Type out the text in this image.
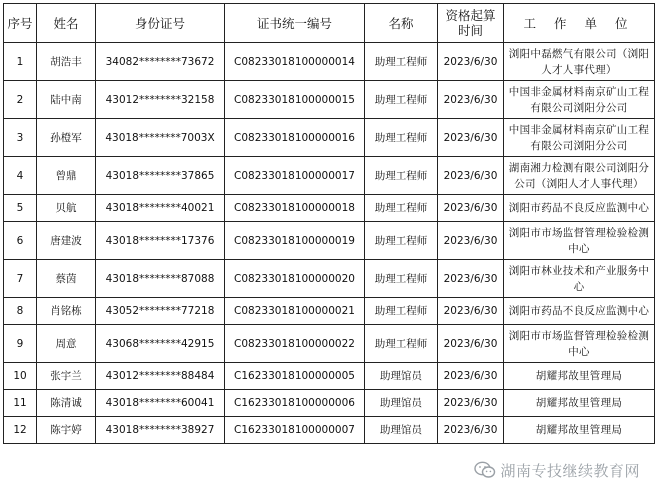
序号	姓名	身份证号	证书统一编号	名称	资格起算时间	工 作 单 位
1	胡浩丰	34082********73672	C08233018100000014	助理工程师	2023/6/30	浏阳中磊燃气有限公司（浏阳人才人事代理）
2	陆中南	43012********32158	C08233018100000015	助理工程师	2023/6/30	中国非金属材料南京矿山工程有限公司浏阳分公司
3	孙橙军	43018********7003X	C08233018100000016	助理工程师	2023/6/30	中国非金属材料南京矿山工程有限公司浏阳分公司
4	曾鼎	43018********37865	C08233018100000017	助理工程师	2023/6/30	湖南湘力检测有限公司浏阳分公司（浏阳人才人事代理）
5	贝航	43018********40021	C08233018100000018	助理工程师	2023/6/30	浏阳市药品不良反应监测中心
6	唐建波	43018********17376	C08233018100000019	助理工程师	2023/6/30	浏阳市市场监督管理检验检测中心
7	蔡茵	43018********87088	C08233018100000020	助理工程师	2023/6/30	浏阳市林业技术和产业服务中心
8	肖铭栋	43052********77218	C08233018100000021	助理工程师	2023/6/30	浏阳市药品不良反应监测中心
9	周意	43068********42915	C08233018100000022	助理工程师	2023/6/30	浏阳市市场监督管理检验检测中心
10	张宇兰	43012********88484	C16233018100000005	助理馆员	2023/6/30	胡耀邦故里管理局
11	陈清诚	43018********60041	C16233018100000006	助理馆员	2023/6/30	胡耀邦故里管理局
12	陈宇婷	43018********38927	C16233018100000007	助理馆员	2023/6/30	胡耀邦故里管理局
湖南专技继续教育网
